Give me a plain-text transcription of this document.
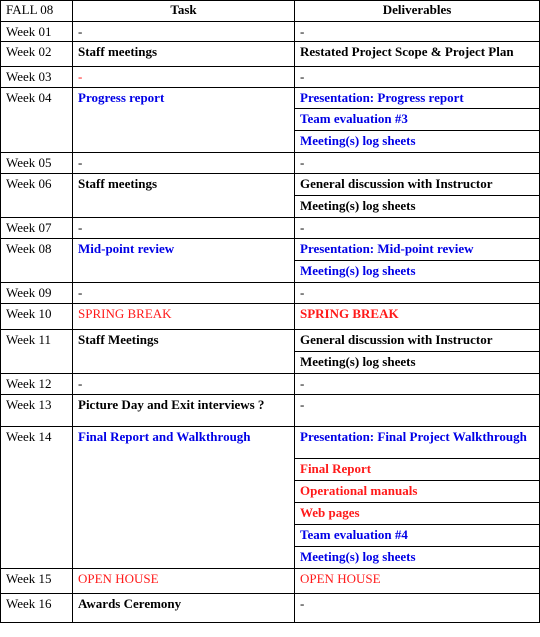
FALL 08	Task	Deliverables
Week 01	-	-
Week 02	Staff meetings	Restated Project Scope & Project Plan
Week 03	-	-
Week 04	Progress report	Presentation: Progress report
		Team evaluation #3
		Meeting(s) log sheets
Week 05	-	-
Week 06	Staff meetings	General discussion with Instructor
		Meeting(s) log sheets
Week 07	-	-
Week 08	Mid-point review	Presentation: Mid-point review
		Meeting(s) log sheets
Week 09	-	-
Week 10	SPRING BREAK	SPRING BREAK
Week 11	Staff Meetings	General discussion with Instructor
		Meeting(s) log sheets
Week 12	-	-
Week 13	Picture Day and Exit interviews ?	-
Week 14	Final Report and Walkthrough	Presentation: Final Project Walkthrough
		Final Report
		Operational manuals
		Web pages
		Team evaluation #4
		Meeting(s) log sheets
Week 15	OPEN HOUSE	OPEN HOUSE
Week 16	Awards Ceremony	-
